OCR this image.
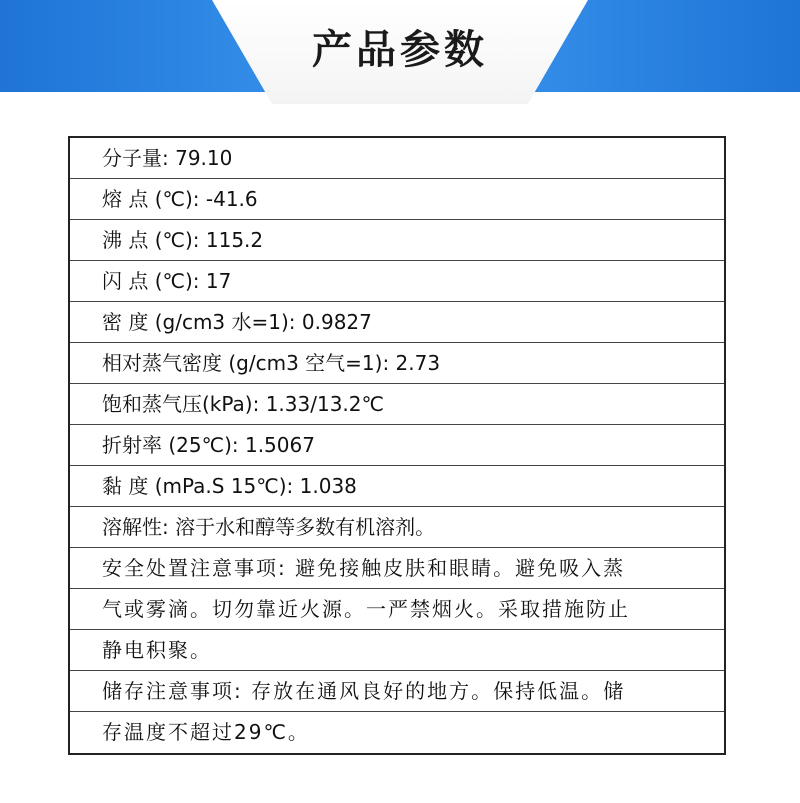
产品参数
分子量: 79.10
熔 点 (℃): -41.6
沸 点 (℃): 115.2
闪 点 (℃): 17
密 度 (g/cm3 水=1): 0.9827
相对蒸气密度 (g/cm3 空气=1): 2.73
饱和蒸气压(kPa): 1.33/13.2℃
折射率 (25℃): 1.5067
黏 度 (mPa.S 15℃): 1.038
溶解性: 溶于水和醇等多数有机溶剂。
安全处置注意事项: 避免接触皮肤和眼睛。避免吸入蒸
气或雾滴。切勿靠近火源。一严禁烟火。采取措施防止
静电积聚。
储存注意事项: 存放在通风良好的地方。保持低温。储
存温度不超过29℃。
